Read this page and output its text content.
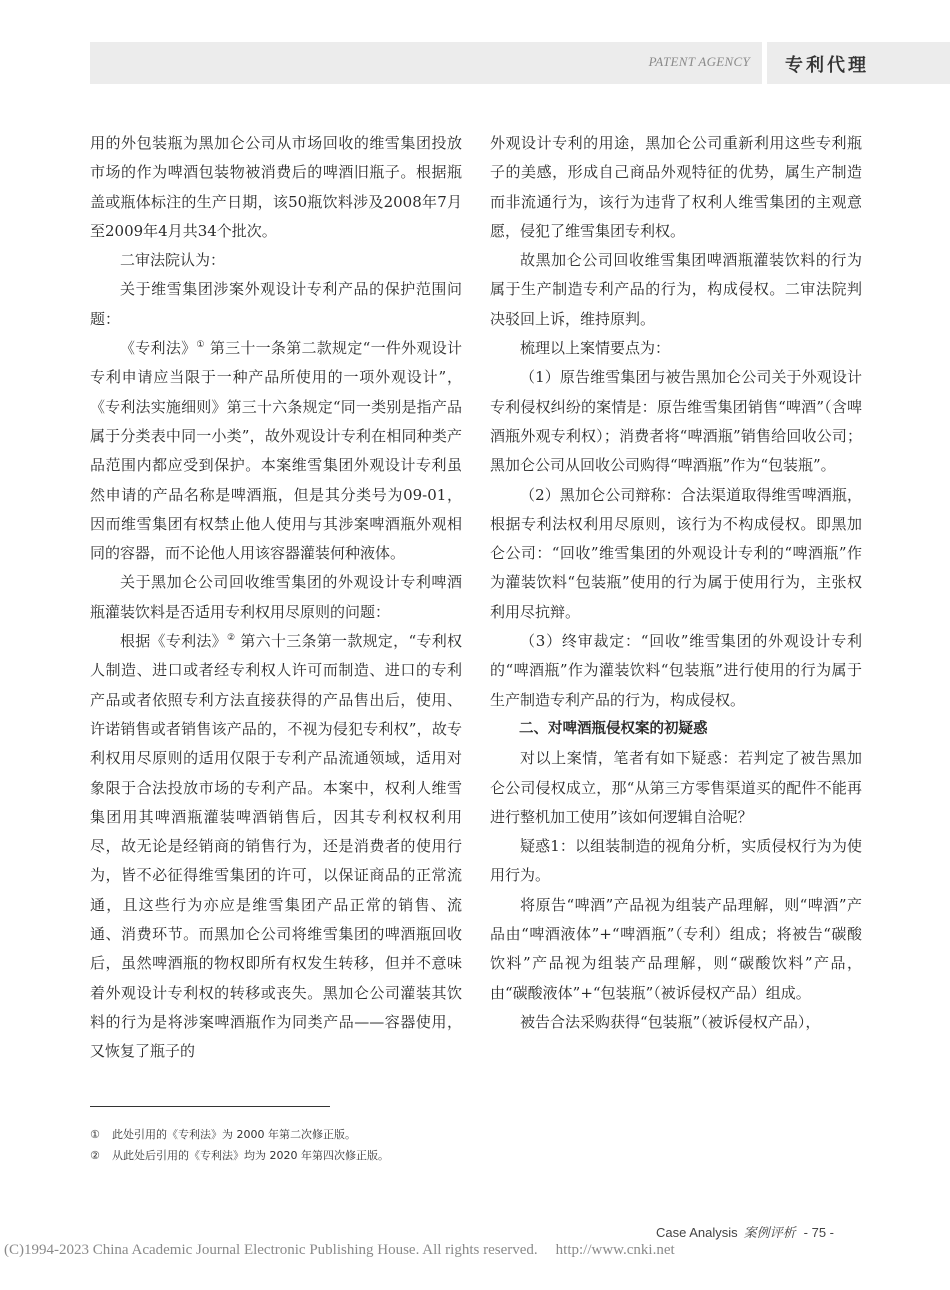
PATENT AGENCY 专利代理

用的外包装瓶为黑加仑公司从市场回收的维雪集团投放市场的作为啤酒包装物被消费后的啤酒旧瓶子。根据瓶盖或瓶体标注的生产日期，该50瓶饮料涉及2008年7月至2009年4月共34个批次。

二审法院认为：

关于维雪集团涉案外观设计专利产品的保护范围问题：

《专利法》① 第三十一条第二款规定“一件外观设计专利申请应当限于一种产品所使用的一项外观设计”，《专利法实施细则》第三十六条规定“同一类别是指产品属于分类表中同一小类”，故外观设计专利在相同种类产品范围内都应受到保护。本案维雪集团外观设计专利虽然申请的产品名称是啤酒瓶，但是其分类号为09-01，因而维雪集团有权禁止他人使用与其涉案啤酒瓶外观相同的容器，而不论他人用该容器灌装何种液体。

关于黑加仑公司回收维雪集团的外观设计专利啤酒瓶灌装饮料是否适用专利权用尽原则的问题：

根据《专利法》② 第六十三条第一款规定，“专利权人制造、进口或者经专利权人许可而制造、进口的专利产品或者依照专利方法直接获得的产品售出后，使用、许诺销售或者销售该产品的，不视为侵犯专利权”，故专利权用尽原则的适用仅限于专利产品流通领域，适用对象限于合法投放市场的专利产品。本案中，权利人维雪集团用其啤酒瓶灌装啤酒销售后，因其专利权权利用尽，故无论是经销商的销售行为，还是消费者的使用行为，皆不必征得维雪集团的许可，以保证商品的正常流通，且这些行为亦应是维雪集团产品正常的销售、流通、消费环节。而黑加仑公司将维雪集团的啤酒瓶回收后，虽然啤酒瓶的物权即所有权发生转移，但并不意味着外观设计专利权的转移或丧失。黑加仑公司灌装其饮料的行为是将涉案啤酒瓶作为同类产品——容器使用，又恢复了瓶子的

外观设计专利的用途，黑加仑公司重新利用这些专利瓶子的美感，形成自己商品外观特征的优势，属生产制造而非流通行为，该行为违背了权利人维雪集团的主观意愿，侵犯了维雪集团专利权。

故黑加仑公司回收维雪集团啤酒瓶灌装饮料的行为属于生产制造专利产品的行为，构成侵权。二审法院判决驳回上诉，维持原判。

梳理以上案情要点为：

（1）原告维雪集团与被告黑加仑公司关于外观设计专利侵权纠纷的案情是：原告维雪集团销售“啤酒”（含啤酒瓶外观专利权）；消费者将“啤酒瓶”销售给回收公司；黑加仑公司从回收公司购得“啤酒瓶”作为“包装瓶”。

（2）黑加仑公司辩称：合法渠道取得维雪啤酒瓶，根据专利法权利用尽原则，该行为不构成侵权。即黑加仑公司：“回收”维雪集团的外观设计专利的“啤酒瓶”作为灌装饮料“包装瓶”使用的行为属于使用行为，主张权利用尽抗辩。

（3）终审裁定：“回收”维雪集团的外观设计专利的“啤酒瓶”作为灌装饮料“包装瓶”进行使用的行为属于生产制造专利产品的行为，构成侵权。

二、对啤酒瓶侵权案的初疑惑

对以上案情，笔者有如下疑惑：若判定了被告黑加仑公司侵权成立，那“从第三方零售渠道买的配件不能再进行整机加工使用”该如何逻辑自洽呢？

疑惑1：以组装制造的视角分析，实质侵权行为为使用行为。

将原告“啤酒”产品视为组装产品理解，则“啤酒”产品由“啤酒液体”+“啤酒瓶”（专利）组成；将被告“碳酸饮料”产品视为组装产品理解，则“碳酸饮料”产品，由“碳酸液体”+“包装瓶”（被诉侵权产品）组成。

被告合法采购获得“包装瓶”（被诉侵权产品），

① 此处引用的《专利法》为 2000 年第二次修正版。
② 从此处后引用的《专利法》均为 2020 年第四次修正版。
Case Analysis 案例评析 - 75 -
(C)1994-2023 China Academic Journal Electronic Publishing House. All rights reserved. http://www.cnki.net
